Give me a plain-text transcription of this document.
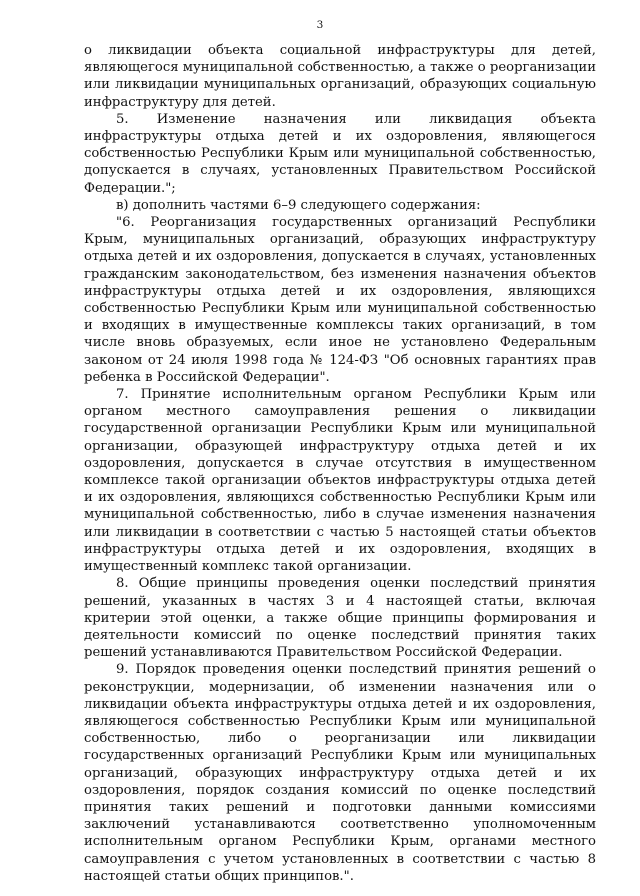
3

о ликвидации объекта социальной инфраструктуры для детей, являющегося муниципальной собственностью, а также о реорганизации или ликвидации муниципальных организаций, образующих социальную инфраструктуру для детей.

5. Изменение назначения или ликвидация объекта инфраструктуры отдыха детей и их оздоровления, являющегося собственностью Республики Крым или муниципальной собственностью, допускается в случаях, установленных Правительством Российской Федерации.";

в) дополнить частями 6–9 следующего содержания:

"6. Реорганизация государственных организаций Республики Крым, муниципальных организаций, образующих инфраструктуру отдыха детей и их оздоровления, допускается в случаях, установленных гражданским законодательством, без изменения назначения объектов инфраструктуры отдыха детей и их оздоровления, являющихся собственностью Республики Крым или муниципальной собственностью и входящих в имущественные комплексы таких организаций, в том числе вновь образуемых, если иное не установлено Федеральным законом от 24 июля 1998 года № 124-ФЗ "Об основных гарантиях прав ребенка в Российской Федерации".

7. Принятие исполнительным органом Республики Крым или органом местного самоуправления решения о ликвидации государственной организации Республики Крым или муниципальной организации, образующей инфраструктуру отдыха детей и их оздоровления, допускается в случае отсутствия в имущественном комплексе такой организации объектов инфраструктуры отдыха детей и их оздоровления, являющихся собственностью Республики Крым или муниципальной собственностью, либо в случае изменения назначения или ликвидации в соответствии с частью 5 настоящей статьи объектов инфраструктуры отдыха детей и их оздоровления, входящих в имущественный комплекс такой организации.

8. Общие принципы проведения оценки последствий принятия решений, указанных в частях 3 и 4 настоящей статьи, включая критерии этой оценки, а также общие принципы формирования и деятельности комиссий по оценке последствий принятия таких решений устанавливаются Правительством Российской Федерации.

9. Порядок проведения оценки последствий принятия решений о реконструкции, модернизации, об изменении назначения или о ликвидации объекта инфраструктуры отдыха детей и их оздоровления, являющегося собственностью Республики Крым или муниципальной собственностью, либо о реорганизации или ликвидации государственных организаций Республики Крым или муниципальных организаций, образующих инфраструктуру отдыха детей и их оздоровления, порядок создания комиссий по оценке последствий принятия таких решений и подготовки данными комиссиями заключений устанавливаются соответственно уполномоченным исполнительным органом Республики Крым, органами местного самоуправления с учетом установленных в соответствии с частью 8 настоящей статьи общих принципов.".
